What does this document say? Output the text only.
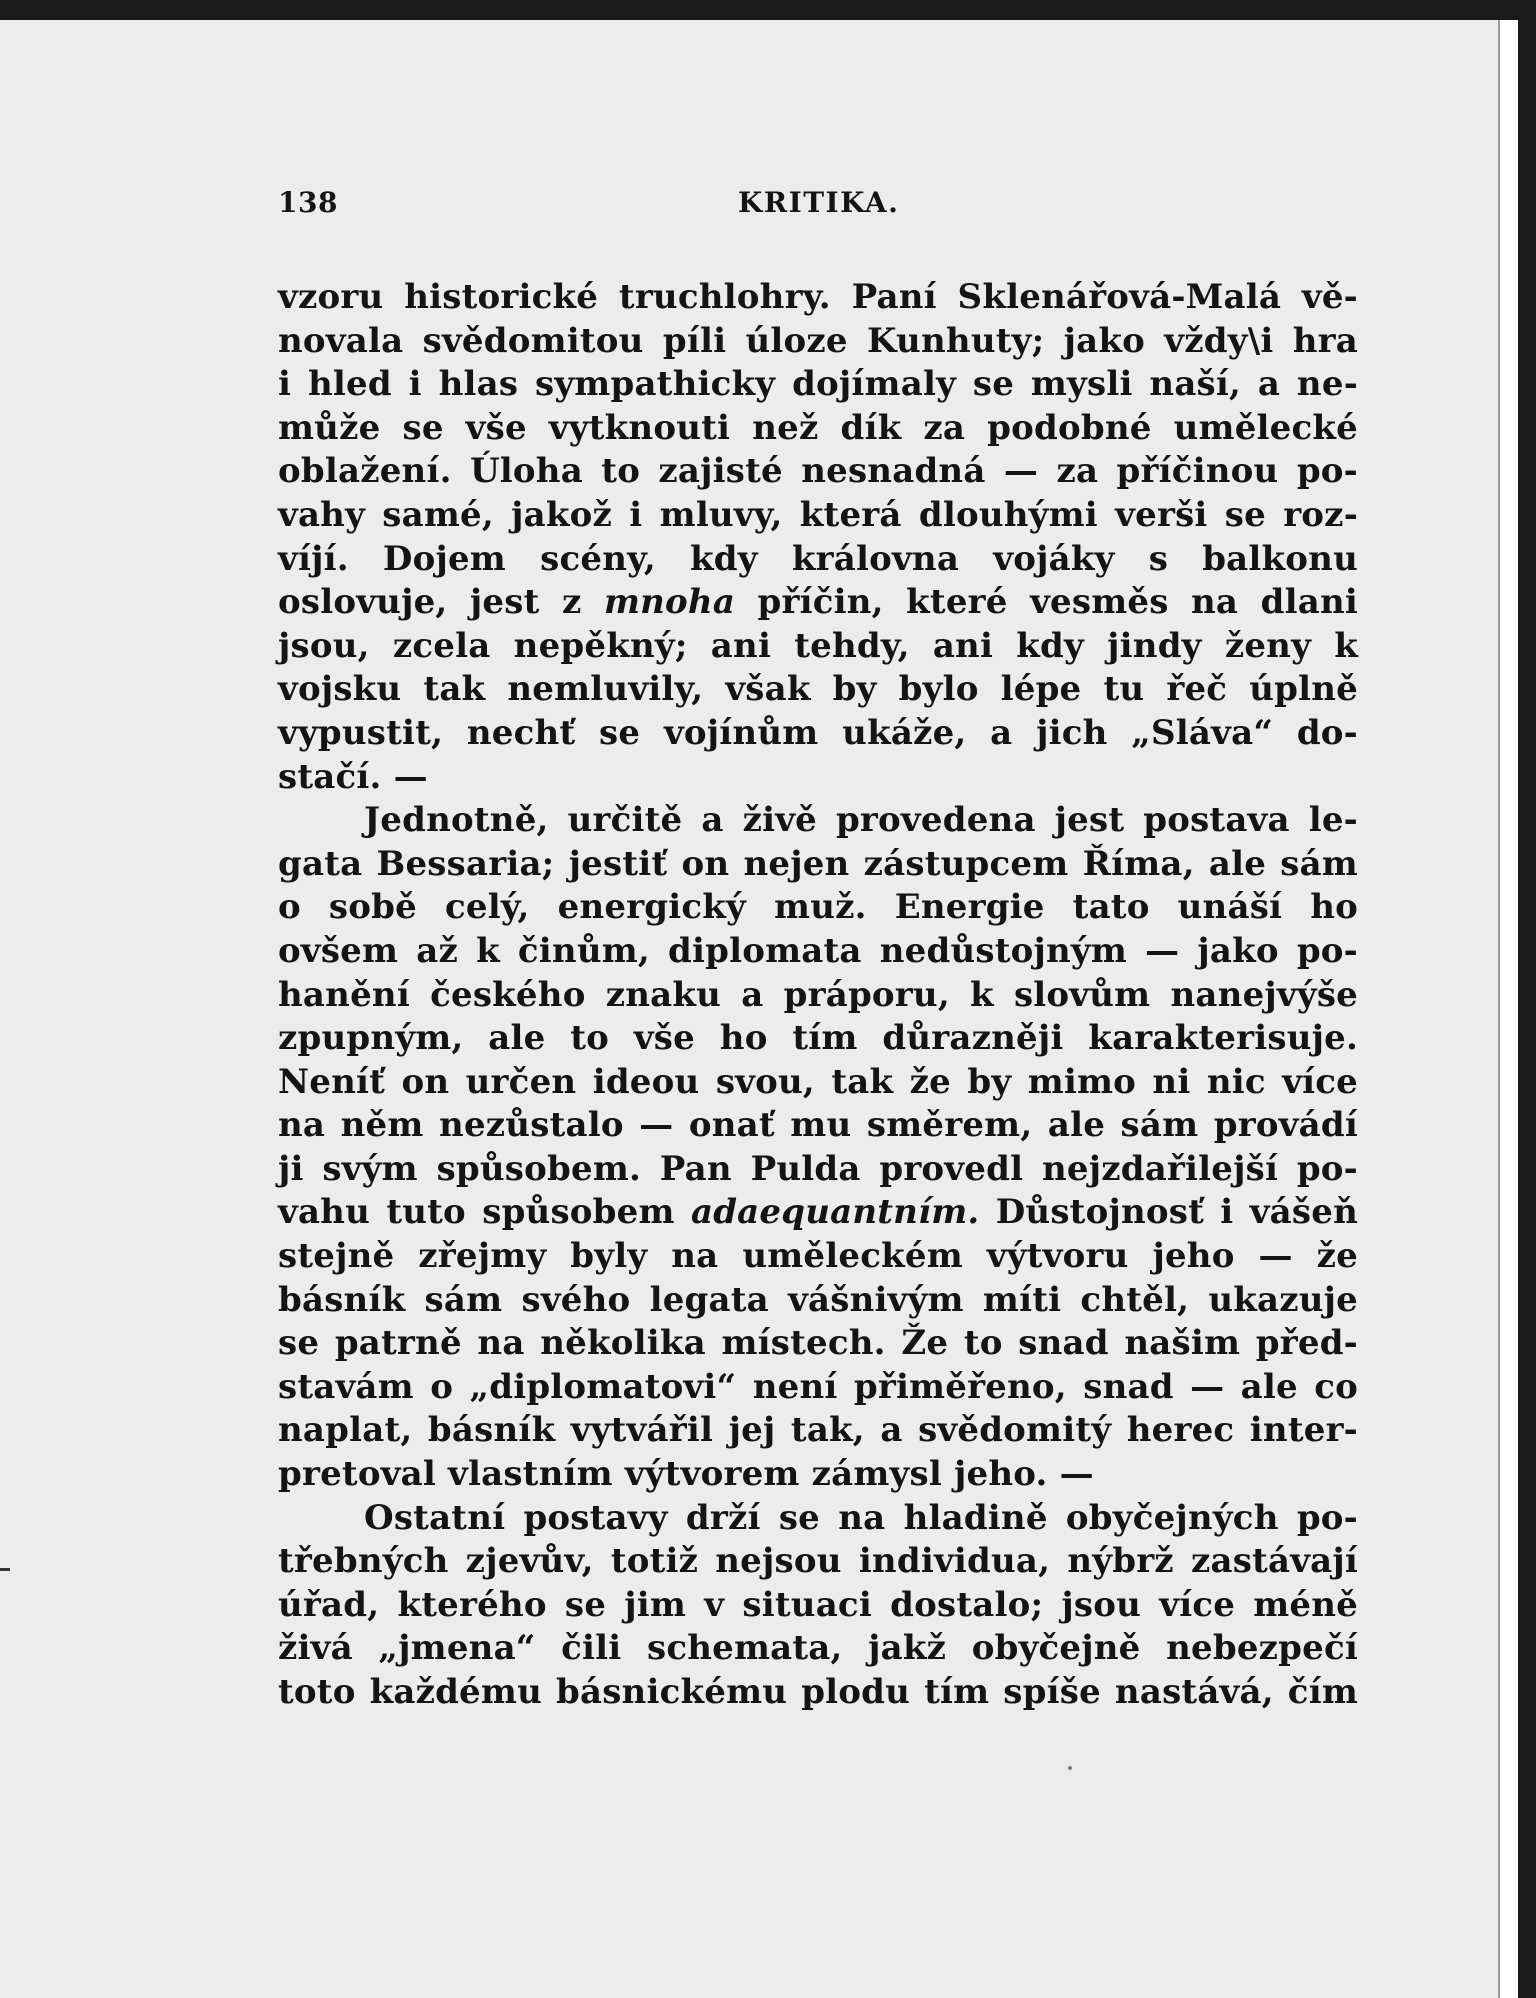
138	KRITIKA.
vzoru historické truchlohry. Paní Sklenářová-Malá vě-
novala svědomitou píli úloze Kunhuty; jako vždy\i hra
i hled i hlas sympathicky dojímaly se mysli naší, a ne-
může se vše vytknouti než dík za podobné umělecké
oblažení. Úloha to zajisté nesnadná — za příčinou po-
vahy samé, jakož i mluvy, která dlouhými verši se roz-
víjí. Dojem scény, kdy královna vojáky s balkonu
oslovuje, jest z mnoha příčin, které vesměs na dlani
jsou, zcela nepěkný; ani tehdy, ani kdy jindy ženy k
vojsku tak nemluvily, však by bylo lépe tu řeč úplně
vypustit, nechť se vojínům ukáže, a jich „Sláva“ do-
stačí. —
Jednotně, určitě a živě provedena jest postava le-
gata Bessaria; jestiť on nejen zástupcem Říma, ale sám
o sobě celý, energický muž. Energie tato unáší ho
ovšem až k činům, diplomata nedůstojným — jako po-
hanění českého znaku a práporu, k slovům nanejvýše
zpupným, ale to vše ho tím důrazněji karakterisuje.
Neníť on určen ideou svou, tak že by mimo ni nic více
na něm nezůstalo — onať mu směrem, ale sám provádí
ji svým spůsobem. Pan Pulda provedl nejzdařilejší po-
vahu tuto spůsobem adaequantním. Důstojnosť i vášeň
stejně zřejmy byly na uměleckém výtvoru jeho — že
básník sám svého legata vášnivým míti chtěl, ukazuje
se patrně na několika místech. Že to snad našim před-
stavám o „diplomatovi“ není přiměřeno, snad — ale co
naplat, básník vytvářil jej tak, a svědomitý herec inter-
pretoval vlastním výtvorem zámysl jeho. —
Ostatní postavy drží se na hladině obyčejných po-
třebných zjevův, totiž nejsou individua, nýbrž zastávají
úřad, kterého se jim v situaci dostalo; jsou více méně
živá „jmena“ čili schemata, jakž obyčejně nebezpečí
toto každému básnickému plodu tím spíše nastává, čím
